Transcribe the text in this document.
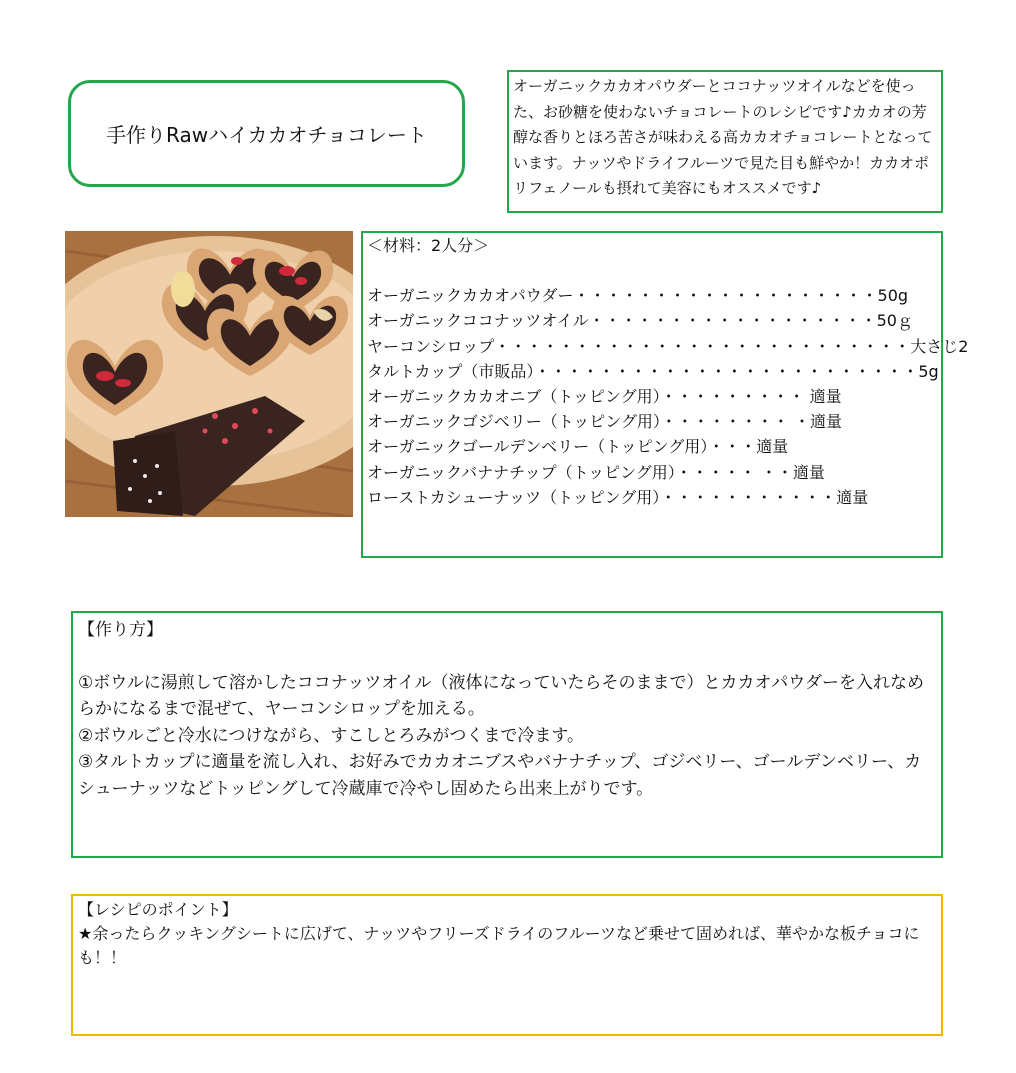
手作りRawハイカカオチョコレート
オーガニックカカオパウダーとココナッツオイルなどを使った、お砂糖を使わないチョコレートのレシピです♪カカオの芳醇な香りとほろ苦さが味わえる高カカオチョコレートとなっています。ナッツやドライフルーツで見た目も鮮やか！カカオポリフェノールも摂れて美容にもオススメです♪
＜材料：2人分＞
オーガニックカカオパウダー・・・・・・・・・・・・・・・・・・・50g
オーガニックココナッツオイル・・・・・・・・・・・・・・・・・・50ｇ
ヤーコンシロップ・・・・・・・・・・・・・・・・・・・・・・・・・・大さじ2
タルトカップ（市販品）・・・・・・・・・・・・・・・・・・・・・・・・5g
オーガニックカカオニブ（トッピング用）・・・・・・・・・ 適量
オーガニックゴジベリー（トッピング用）・・・・・・・・ ・適量
オーガニックゴールデンベリー（トッピング用）・・・適量
オーガニックバナナチップ（トッピング用）・・・・・ ・・適量
ローストカシューナッツ（トッピング用）・・・・・・・・・・・適量
【作り方】
①ボウルに湯煎して溶かしたココナッツオイル（液体になっていたらそのままで）とカカオパウダーを入れなめらかになるまで混ぜて、ヤーコンシロップを加える。
②ボウルごと冷水につけながら、すこしとろみがつくまで冷ます。
③タルトカップに適量を流し入れ、お好みでカカオニブスやバナナチップ、ゴジベリー、ゴールデンベリー、カシューナッツなどトッピングして冷蔵庫で冷やし固めたら出来上がりです。
【レシピのポイント】
★余ったらクッキングシートに広げて、ナッツやフリーズドライのフルーツなど乗せて固めれば、華やかな板チョコにも！！
